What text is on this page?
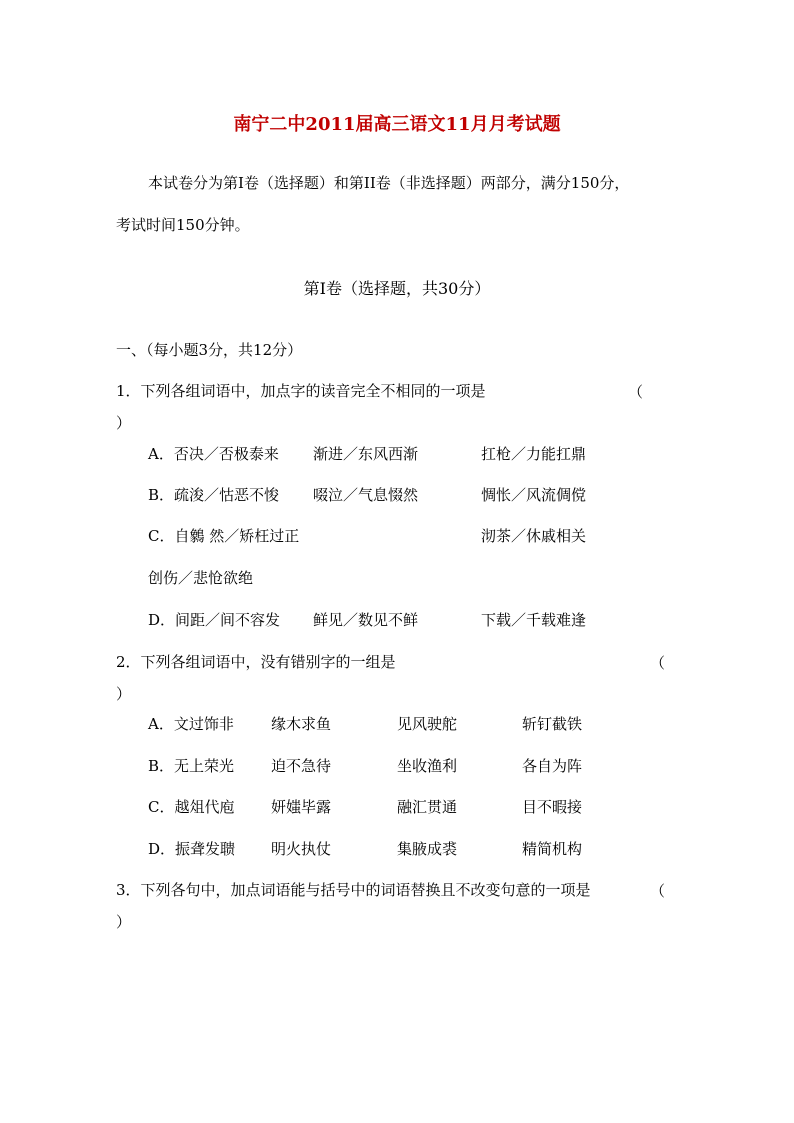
南宁二中2011届高三语文11月月考试题
本试卷分为第I卷（选择题）和第II卷（非选择题）两部分，满分150分，
考试时间150分钟。
第Ⅰ卷（选择题，共30分）
一、（每小题3分，共12分）
1．下列各组词语中，加点字的读音完全不相同的一项是	（
）
A．否决／否极泰来 渐进／东风西渐	扛枪／力能扛鼎
B．疏浚／怙恶不悛 啜泣／气息惙然	惆怅／风流倜傥
C．自䴂 然／矫枉过正	沏茶／休戚相关
创伤／悲怆欲绝
D．间距／间不容发 鲜见／数见不鲜	下载／千载难逢
2．下列各组词语中，没有错别字的一组是	（
）
A．文过饰非 缘木求鱼	见风驶舵	斩钉截铁
B．无上荣光 迫不急待	坐收渔利	各自为阵
C．越俎代庖 妍媸毕露	融汇贯通	目不暇接
D．振聋发聩 明火执仗	集腋成裘	精简机构
3．下列各句中，加点词语能与括号中的词语替换且不改变句意的一项是	（
）
